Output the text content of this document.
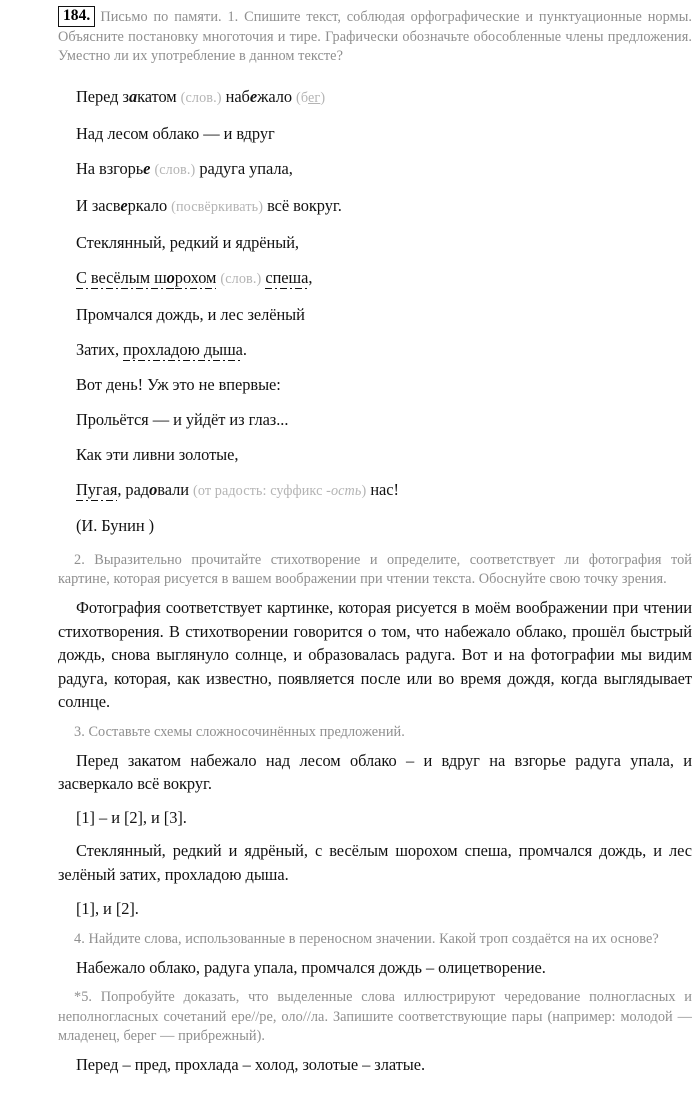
184. Письмо по памяти. 1. Спишите текст, соблюдая орфографические и пунктуационные нормы. Объясните постановку многоточия и тире. Графически обозначьте обособленные члены предложения. Уместно ли их употребление в данном тексте?

Перед закатом (слов.) набежало (бег)
Над лесом облако — и вдруг
На взгорье (слов.) радуга упала,
И засверкало (посвёркивать) всё вокруг.
Стеклянный, редкий и ядрёный,
С весёлым шорохом (слов.) спеша,
Промчался дождь, и лес зелёный
Затих, прохладою дыша.
Вот день! Уж это не впервые:
Прольётся — и уйдёт из глаз...
Как эти ливни золотые,
Пугая, радовали (от радость: суффикс -ость) нас!
(И. Бунин )

2. Выразительно прочитайте стихотворение и определите, соответствует ли фотография той картине, которая рисуется в вашем воображении при чтении текста. Обоснуйте свою точку зрения.

Фотография соответствует картинке, которая рисуется в моём воображении при чтении стихотворения. В стихотворении говорится о том, что набежало облако, прошёл быстрый дождь, снова выглянуло солнце, и образовалась радуга. Вот и на фотографии мы видим радуга, которая, как известно, появляется после или во время дождя, когда выглядывает солнце.

3. Составьте схемы сложносочинённых предложений.

Перед закатом набежало над лесом облако – и вдруг на взгорье радуга упала, и засверкало всё вокруг.

[1] – и [2], и [3].

Стеклянный, редкий и ядрёный, с весёлым шорохом спеша, промчался дождь, и лес зелёный затих, прохладою дыша.

[1], и [2].

4. Найдите слова, использованные в переносном значении. Какой троп создаётся на их основе?

Набежало облако, радуга упала, промчался дождь – олицетворение.

*5. Попробуйте доказать, что выделенные слова иллюстрируют чередование полногласных и неполногласных сочетаний ере//ре, оло//ла. Запишите соответствующие пары (например: молодой — младенец, берег — прибрежный).

Перед – пред, прохлада – холод, золотые – златые.
